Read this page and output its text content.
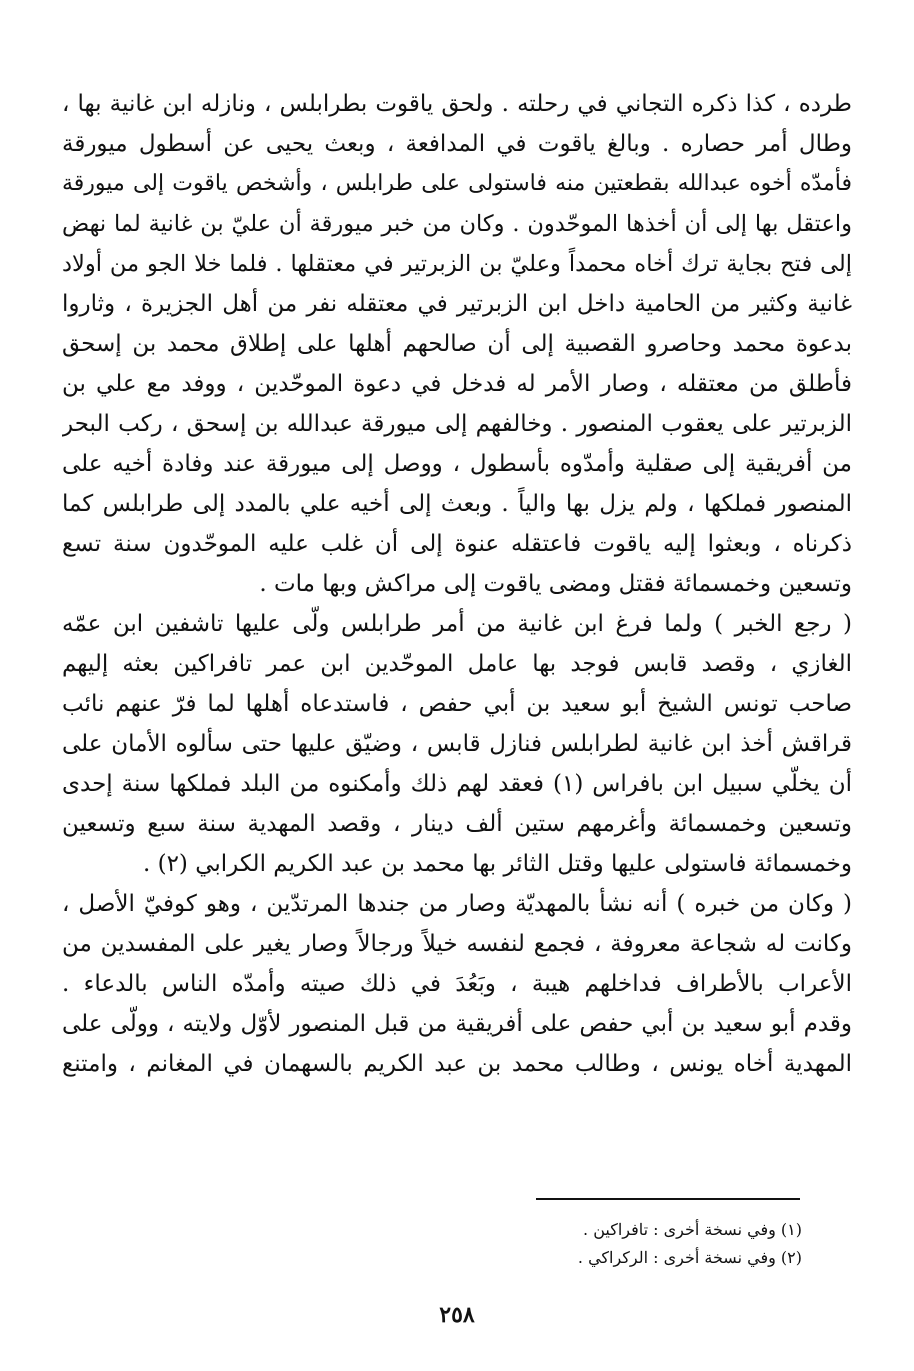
طرده ، كذا ذكره التجاني في رحلته . ولحق ياقوت بطرابلس ، ونازله ابن غانية بها ،
وطال أمر حصاره . وبالغ ياقوت في المدافعة ، وبعث يحيى عن أسطول ميورقة
فأمدّه أخوه عبدالله بقطعتين منه فاستولى على طرابلس ، وأشخص ياقوت إلى ميورقة
واعتقل بها إلى أن أخذها الموحّدون . وكان من خبر ميورقة أن عليّ بن غانية لما نهض
إلى فتح بجاية ترك أخاه محمداً وعليّ بن الزبرتير في معتقلها . فلما خلا الجو من أولاد
غانية وكثير من الحامية داخل ابن الزبرتير في معتقله نفر من أهل الجزيرة ، وثاروا
بدعوة محمد وحاصرو القصبية إلى أن صالحهم أهلها على إطلاق محمد بن إسحق
فأطلق من معتقله ، وصار الأمر له فدخل في دعوة الموحّدين ، ووفد مع علي بن
الزبرتير على يعقوب المنصور . وخالفهم إلى ميورقة عبدالله بن إسحق ، ركب البحر
من أفريقية إلى صقلية وأمدّوه بأسطول ، ووصل إلى ميورقة عند وفادة أخيه على
المنصور فملكها ، ولم يزل بها والياً . وبعث إلى أخيه علي بالمدد إلى طرابلس كما
ذكرناه ، وبعثوا إليه ياقوت فاعتقله عنوة إلى أن غلب عليه الموحّدون سنة تسع
وتسعين وخمسمائة فقتل ومضى ياقوت إلى مراكش وبها مات .
( رجع الخبر ) ولما فرغ ابن غانية من أمر طرابلس ولّى عليها تاشفين ابن عمّه
الغازي ، وقصد قابس فوجد بها عامل الموحّدين ابن عمر تافراكين بعثه إليهم
صاحب تونس الشيخ أبو سعيد بن أبي حفص ، فاستدعاه أهلها لما فرّ عنهم نائب
قراقش أخذ ابن غانية لطرابلس فنازل قابس ، وضيّق عليها حتى سألوه الأمان على
أن يخلّي سبيل ابن بافراس (١) فعقد لهم ذلك وأمكنوه من البلد فملكها سنة إحدى
وتسعين وخمسمائة وأغرمهم ستين ألف دينار ، وقصد المهدية سنة سبع وتسعين
وخمسمائة فاستولى عليها وقتل الثائر بها محمد بن عبد الكريم الكرابي (٢) .
( وكان من خبره ) أنه نشأ بالمهديّة وصار من جندها المرتدّين ، وهو كوفيّ الأصل ،
وكانت له شجاعة معروفة ، فجمع لنفسه خيلاً ورجالاً وصار يغير على المفسدين من
الأعراب بالأطراف فداخلهم هيبة ، وبَعُدَ في ذلك صيته وأمدّه الناس بالدعاء .
وقدم أبو سعيد بن أبي حفص على أفريقية من قبل المنصور لأوّل ولايته ، وولّى على
المهدية أخاه يونس ، وطالب محمد بن عبد الكريم بالسهمان في المغانم ، وامتنع
(١) وفي نسخة أخرى : تافراكين .
(٢) وفي نسخة أخرى : الركراكي .
٢٥٨
